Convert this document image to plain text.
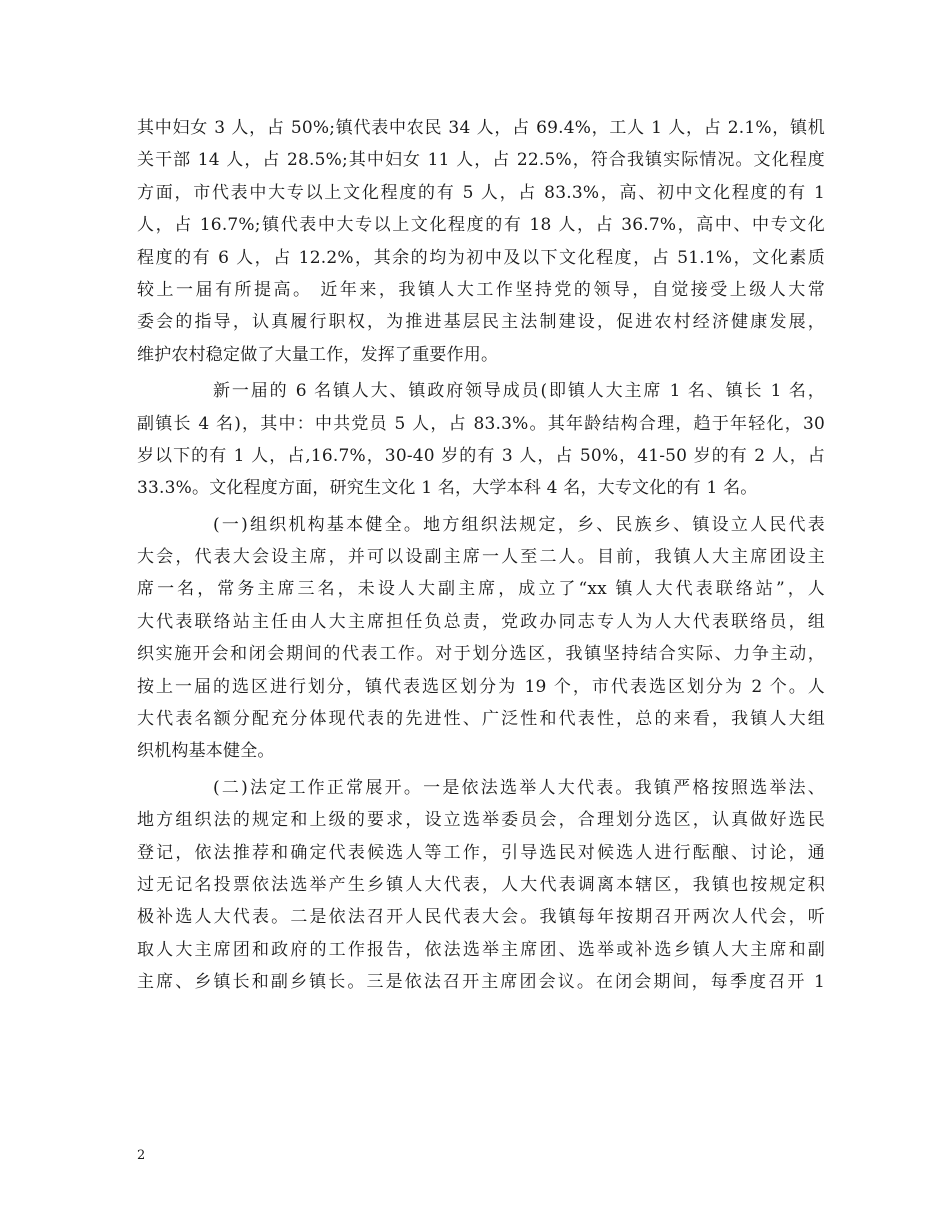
其中妇女 3 人，占 50%;镇代表中农民 34 人，占 69.4%，工人 1 人，占 2.1%，镇机
关干部 14 人，占 28.5%;其中妇女 11 人，占 22.5%，符合我镇实际情况。文化程度
方面，市代表中大专以上文化程度的有 5 人，占 83.3%，高、初中文化程度的有 1
人，占 16.7%;镇代表中大专以上文化程度的有 18 人，占 36.7%，高中、中专文化
程度的有 6 人，占 12.2%，其余的均为初中及以下文化程度，占 51.1%，文化素质
较上一届有所提高。 近年来，我镇人大工作坚持党的领导，自觉接受上级人大常
委会的指导，认真履行职权，为推进基层民主法制建设，促进农村经济健康发展，
维护农村稳定做了大量工作，发挥了重要作用。
新一届的 6 名镇人大、镇政府领导成员(即镇人大主席 1 名、镇长 1 名，
副镇长 4 名)，其中：中共党员 5 人，占 83.3%。其年龄结构合理，趋于年轻化，30
岁以下的有 1 人，占,16.7%，30-40 岁的有 3 人，占 50%，41-50 岁的有 2 人，占
33.3%。文化程度方面，研究生文化 1 名，大学本科 4 名，大专文化的有 1 名。
(一)组织机构基本健全。地方组织法规定，乡、民族乡、镇设立人民代表
大会，代表大会设主席，并可以设副主席一人至二人。目前，我镇人大主席团设主
席一名，常务主席三名，未设人大副主席，成立了“xx 镇人大代表联络站”，人
大代表联络站主任由人大主席担任负总责，党政办同志专人为人大代表联络员，组
织实施开会和闭会期间的代表工作。对于划分选区，我镇坚持结合实际、力争主动，
按上一届的选区进行划分，镇代表选区划分为 19 个，市代表选区划分为 2 个。人
大代表名额分配充分体现代表的先进性、广泛性和代表性，总的来看，我镇人大组
织机构基本健全。
(二)法定工作正常展开。一是依法选举人大代表。我镇严格按照选举法、
地方组织法的规定和上级的要求，设立选举委员会，合理划分选区，认真做好选民
登记，依法推荐和确定代表候选人等工作，引导选民对候选人进行酝酿、讨论，通
过无记名投票依法选举产生乡镇人大代表，人大代表调离本辖区，我镇也按规定积
极补选人大代表。二是依法召开人民代表大会。我镇每年按期召开两次人代会，听
取人大主席团和政府的工作报告，依法选举主席团、选举或补选乡镇人大主席和副
主席、乡镇长和副乡镇长。三是依法召开主席团会议。在闭会期间，每季度召开 1
2
